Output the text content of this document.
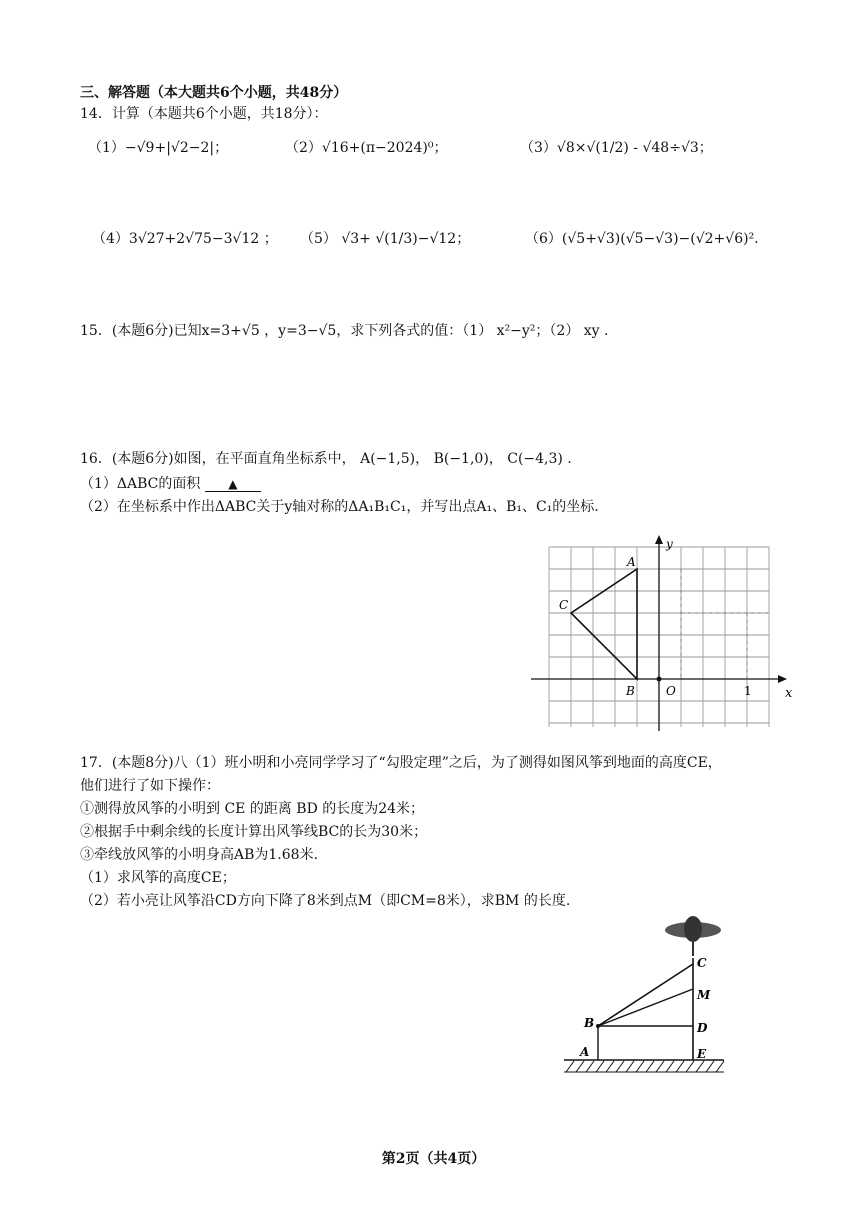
三、解答题（本大题共6个小题，共48分）
14．计算（本题共6个小题，共18分）：
（1）−√9+|√2−2|；	（2）√16+(π−2024)⁰；	（3）√8×√(1/2) - √48÷√3；
（4）3√27+2√75−3√12 ； （5） √3+ √(1/3)−√12；	（6）(√5+√3)(√5−√3)−(√2+√6)².
15．(本题6分)已知x=3+√5 ，y=3−√5，求下列各式的值：（1） x²−y²；（2） xy .
16．(本题6分)如图，在平面直角坐标系中， A(−1,5)， B(−1,0)， C(−4,3) .
（1）ΔABC的面积 ▲
（2）在坐标系中作出ΔABC关于y轴对称的ΔA₁B₁C₁，并写出点A₁、B₁、C₁的坐标.
A
B
C
O	x
y
1
17．(本题8分)八（1）班小明和小亮同学学习了“勾股定理”之后，为了测得如图风筝到地面的高度CE，
他们进行了如下操作：
①测得放风筝的小明到 CE 的距离 BD 的长度为24米；
②根据手中剩余线的长度计算出风筝线BC的长为30米；
③牵线放风筝的小明身高AB为1.68米.
（1）求风筝的高度CE；
（2）若小亮让风筝沿CD方向下降了8米到点M（即CM=8米），求BM 的长度.
C
M
D
E
B
A
第2页（共4页）
